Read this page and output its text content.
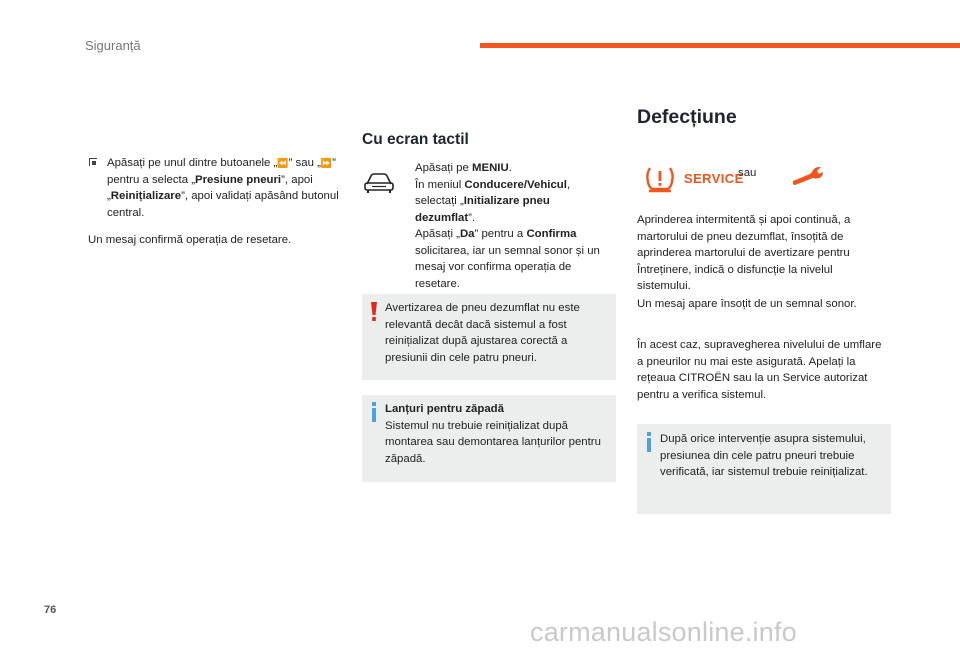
Siguranță
Apăsați pe unul dintre butoanele „⏪” sau „⏩” pentru a selecta „Presiune pneuri”, apoi „Reinițializare”, apoi validați apăsând butonul central.
Un mesaj confirmă operația de resetare.
Cu ecran tactil
Apăsați pe MENIU.
În meniul Conducere/Vehicul, selectați „Initializare pneu dezumflat”.
Apăsați „Da” pentru a Confirma solicitarea, iar un semnal sonor și un mesaj vor confirma operația de resetare.
Avertizarea de pneu dezumflat nu este relevantă decât dacă sistemul a fost reinițializat după ajustarea corectă a presiunii din cele patru pneuri.
Lanțuri pentru zăpadă
Sistemul nu trebuie reinițializat după montarea sau demontarea lanțurilor pentru zăpadă.
Defecțiune
SERVICE
sau
Aprinderea intermitentă și apoi continuă, a martorului de pneu dezumflat, însoțită de aprinderea martorului de avertizare pentru Întreținere, indică o disfuncție la nivelul sistemului.
Un mesaj apare însoțit de un semnal sonor.
În acest caz, supravegherea nivelului de umflare a pneurilor nu mai este asigurată. Apelați la rețeaua CITROËN sau la un Service autorizat pentru a verifica sistemul.
După orice intervenție asupra sistemului, presiunea din cele patru pneuri trebuie verificată, iar sistemul trebuie reinițializat.
76
carmanualsonline.info
